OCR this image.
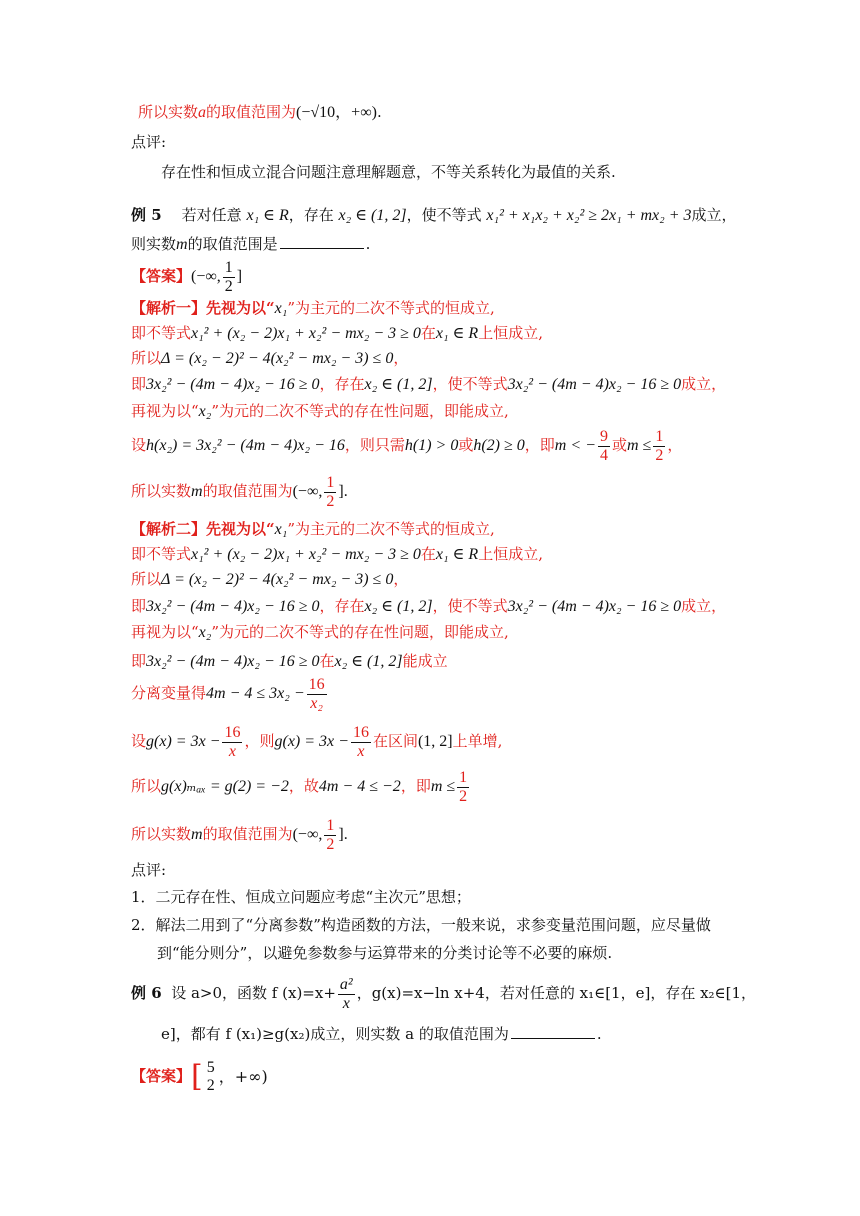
所以实数a的取值范围为(−√10，+∞).
点评:
存在性和恒成立混合问题注意理解题意，不等关系转化为最值的关系.
例 5 若对任意 x₁ ∈ R，存在 x₂ ∈ (1, 2]，使不等式 x₁² + x₁x₂ + x₂² ≥ 2x₁ + mx₂ + 3成立，
则实数m的取值范围是	.
【答案】(−∞, $\frac{1}{2}$ ]
【解析一】先视为以“x₁”为主元的二次不等式的恒成立,
即不等式x₁² + (x₂ − 2)x₁ + x₂² − mx₂ − 3 ≥ 0在x₁ ∈ R上恒成立,
所以Δ = (x₂ − 2)² − 4(x₂² − mx₂ − 3) ≤ 0，
即3x₂² − (4m − 4)x₂ − 16 ≥ 0，存在x₂ ∈ (1, 2]，使不等式3x₂² − (4m − 4)x₂ − 16 ≥ 0成立，
再视为以“x₂”为元的二次不等式的存在性问题，即能成立,
设h(x₂) = 3x₂² − (4m − 4)x₂ − 16，则只需h(1) > 0或h(2) ≥ 0，即m < − $\frac{9}{4}$ 或$m \le \frac{1}{2}$ ，
所以实数m的取值范围为(−∞, $\frac{1}{2}$ ].
【解析二】先视为以“x₁”为主元的二次不等式的恒成立,
即不等式x₁² + (x₂ − 2)x₁ + x₂² − mx₂ − 3 ≥ 0在x₁ ∈ R上恒成立,
所以Δ = (x₂ − 2)² − 4(x₂² − mx₂ − 3) ≤ 0，
即3x₂² − (4m − 4)x₂ − 16 ≥ 0，存在x₂ ∈ (1, 2]，使不等式3x₂² − (4m − 4)x₂ − 16 ≥ 0成立，
再视为以“x₂”为元的二次不等式的存在性问题，即能成立,
即3x₂² − (4m − 4)x₂ − 16 ≥ 0在x₂ ∈ (1, 2]能成立
分离变量得$4m - 4 \le 3x_2 - \frac{16}{\text{x₂}}$
设$g(x) = 3x - \frac{16}{x}$ ，则$g(x) = 3x - \frac{16}{x}$ 在区间(1, 2]上单增,
所以g(x)ₘₐₓ = g(2) = −2，故4m − 4 ≤ −2，即$m \le \frac{1}{2}$
所以实数m的取值范围为(−∞, $\frac{1}{2}$ ].
点评:
1．二元存在性、恒成立问题应考虑“主次元”思想；
2．解法二用到了“分离参数”构造函数的方法，一般来说，求参变量范围问题，应尽量做
到“能分则分”，以避免参数参与运算带来的分类讨论等不必要的麻烦.
例 6 设 a>0，函数 f $(x)=x+ \frac{\text{a²}}{x}$ ，g(x)=x−ln x+4，若对任意的 x₁∈[1，e]，存在 x₂∈[1，
e]，都有 f (x₁)≥g(x₂)成立，则实数 a 的取值范围为	.
【答案】[ 5
2 ，+∞)
